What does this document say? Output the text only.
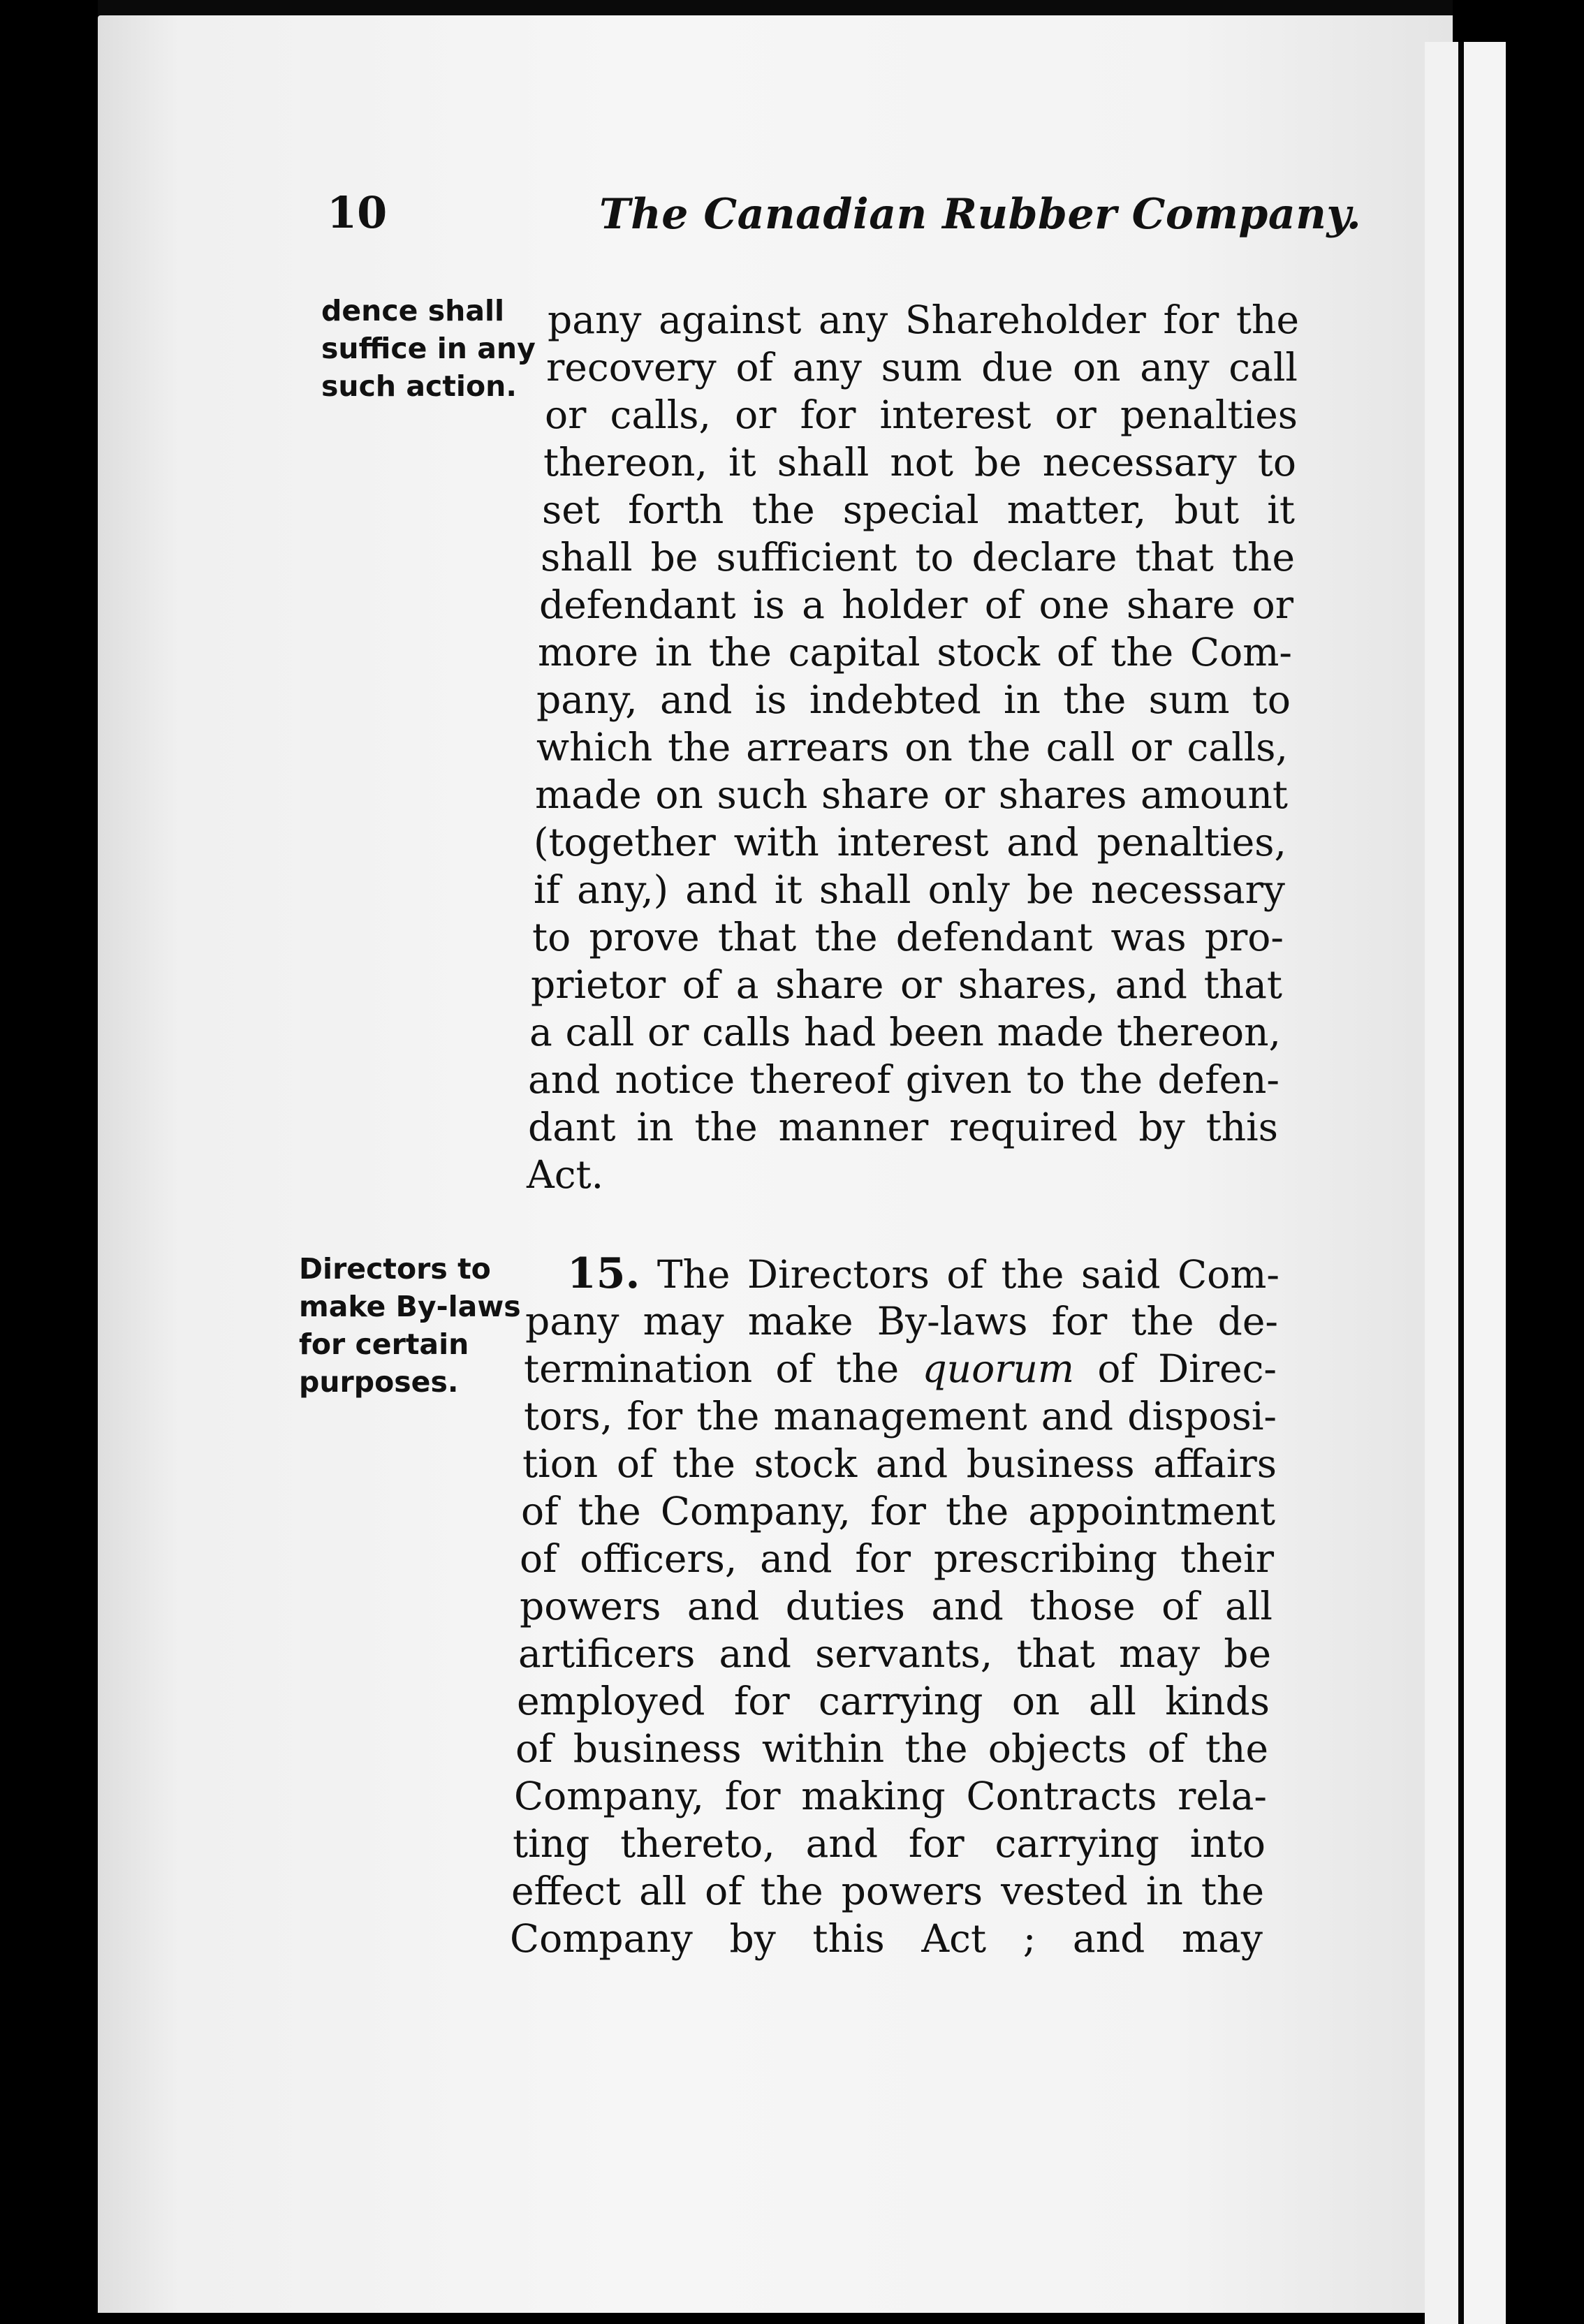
10	The Canadian Rubber Company.
dence shall
suffice in any
such action.
Directors to
make By-laws
for certain
purposes.
pany against any Shareholder for the
recovery of any sum due on any call
or calls, or for interest or penalties
thereon, it shall not be necessary to
set forth the special matter, but it
shall be sufficient to declare that the
defendant is a holder of one share or
more in the capital stock of the Com-
pany, and is indebted in the sum to
which the arrears on the call or calls,
made on such share or shares amount
(together with interest and penalties,
if any,) and it shall only be necessary
to prove that the defendant was pro-
prietor of a share or shares, and that
a call or calls had been made thereon,
and notice thereof given to the defen-
dant in the manner required by this
Act.
15. The Directors of the said Com-
pany may make By-laws for the de-
termination of the quorum of Direc-
tors, for the management and disposi-
tion of the stock and business affairs
of the Company, for the appointment
of officers, and for prescribing their
powers and duties and those of all
artificers and servants, that may be
employed for carrying on all kinds
of business within the objects of the
Company, for making Contracts rela-
ting thereto, and for carrying into
effect all of the powers vested in the
Company by this Act ; and may
